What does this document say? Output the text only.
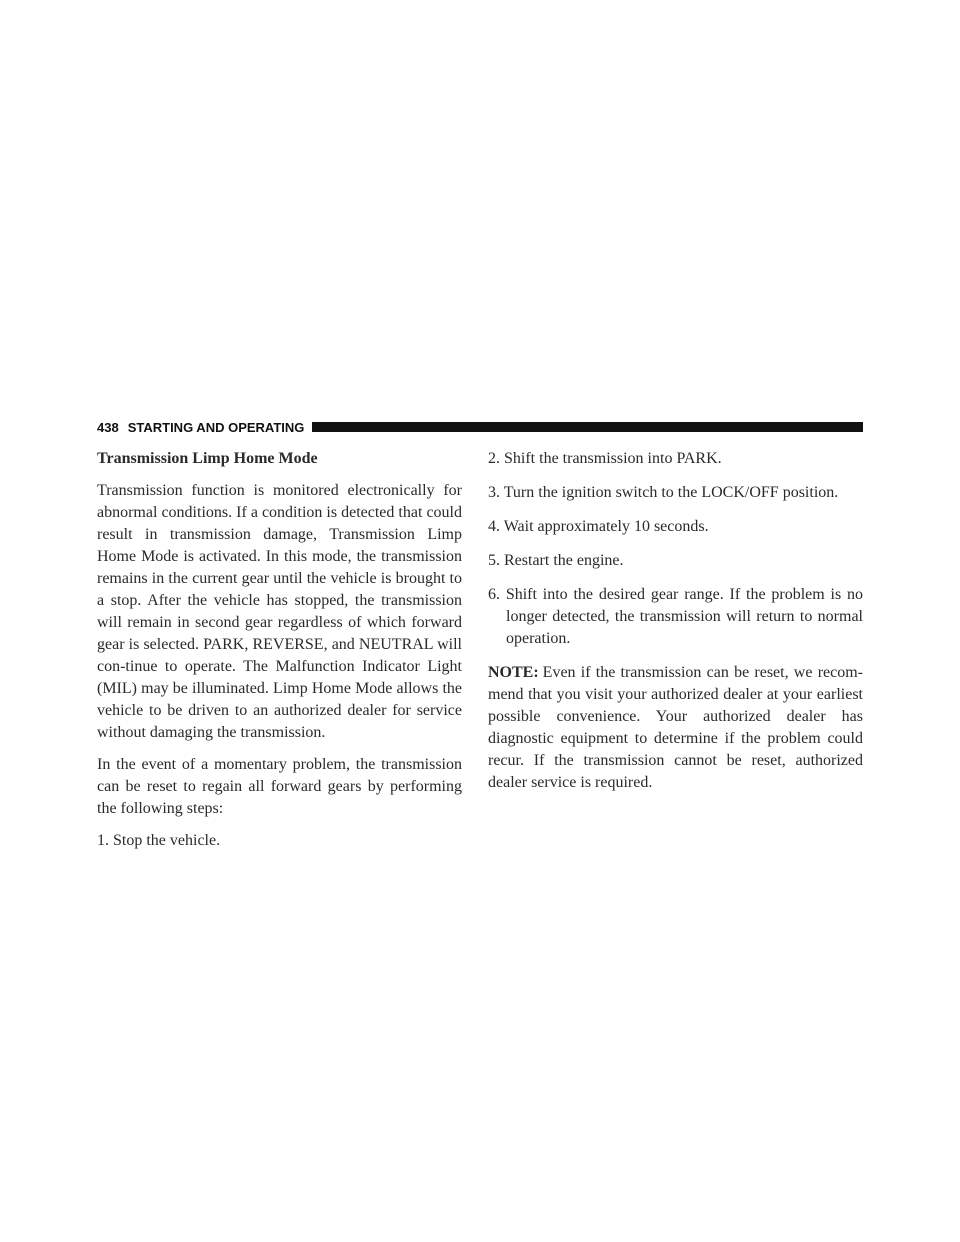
438 STARTING AND OPERATING

Transmission Limp Home Mode

Transmission function is monitored electronically for abnormal conditions. If a condition is detected that could result in transmission damage, Transmission Limp Home Mode is activated. In this mode, the transmission remains in the current gear until the vehicle is brought to a stop. After the vehicle has stopped, the transmission will remain in second gear regardless of which forward gear is selected. PARK, REVERSE, and NEUTRAL will con-tinue to operate. The Malfunction Indicator Light (MIL) may be illuminated. Limp Home Mode allows the vehicle to be driven to an authorized dealer for service without damaging the transmission.

In the event of a momentary problem, the transmission can be reset to regain all forward gears by performing the following steps:

1. Stop the vehicle.

2. Shift the transmission into PARK.

3. Turn the ignition switch to the LOCK/OFF position.

4. Wait approximately 10 seconds.

5. Restart the engine.

6. Shift into the desired gear range. If the problem is no longer detected, the transmission will return to normal operation.

NOTE: Even if the transmission can be reset, we recom-mend that you visit your authorized dealer at your earliest possible convenience. Your authorized dealer has diagnostic equipment to determine if the problem could recur. If the transmission cannot be reset, authorized dealer service is required.
